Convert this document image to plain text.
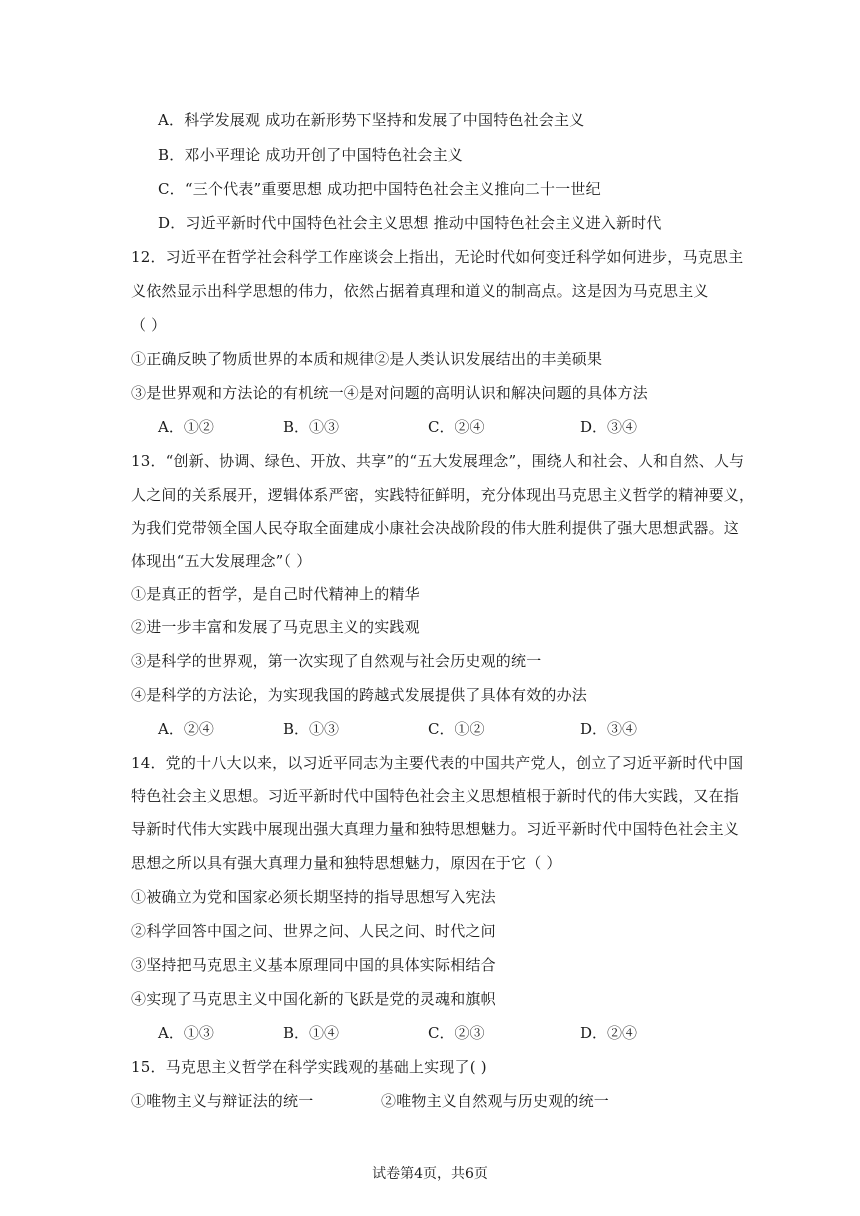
A．科学发展观 成功在新形势下坚持和发展了中国特色社会主义
B．邓小平理论 成功开创了中国特色社会主义
C．“三个代表”重要思想 成功把中国特色社会主义推向二十一世纪
D．习近平新时代中国特色社会主义思想 推动中国特色社会主义进入新时代
12．习近平在哲学社会科学工作座谈会上指出，无论时代如何变迁科学如何进步，马克思主
义依然显示出科学思想的伟力，依然占据着真理和道义的制高点。这是因为马克思主义
（ ）
①正确反映了物质世界的本质和规律②是人类认识发展结出的丰美硕果
③是世界观和方法论的有机统一④是对问题的高明认识和解决问题的具体方法
A．①②	B．①③	C．②④	D．③④
13．“创新、协调、绿色、开放、共享”的“五大发展理念”，围绕人和社会、人和自然、人与
人之间的关系展开，逻辑体系严密，实践特征鲜明，充分体现出马克思主义哲学的精神要义，
为我们党带领全国人民夺取全面建成小康社会决战阶段的伟大胜利提供了强大思想武器。这
体现出“五大发展理念”（ ）
①是真正的哲学，是自己时代精神上的精华
②进一步丰富和发展了马克思主义的实践观
③是科学的世界观，第一次实现了自然观与社会历史观的统一
④是科学的方法论，为实现我国的跨越式发展提供了具体有效的办法
A．②④	B．①③	C．①②	D．③④
14．党的十八大以来，以习近平同志为主要代表的中国共产党人，创立了习近平新时代中国
特色社会主义思想。习近平新时代中国特色社会主义思想植根于新时代的伟大实践，又在指
导新时代伟大实践中展现出强大真理力量和独特思想魅力。习近平新时代中国特色社会主义
思想之所以具有强大真理力量和独特思想魅力，原因在于它（ ）
①被确立为党和国家必须长期坚持的指导思想写入宪法
②科学回答中国之问、世界之问、人民之问、时代之问
③坚持把马克思主义基本原理同中国的具体实际相结合
④实现了马克思主义中国化新的飞跃是党的灵魂和旗帜
A．①③	B．①④	C．②③	D．②④
15．马克思主义哲学在科学实践观的基础上实现了( )
①唯物主义与辩证法的统一	②唯物主义自然观与历史观的统一
试卷第4页，共6页
